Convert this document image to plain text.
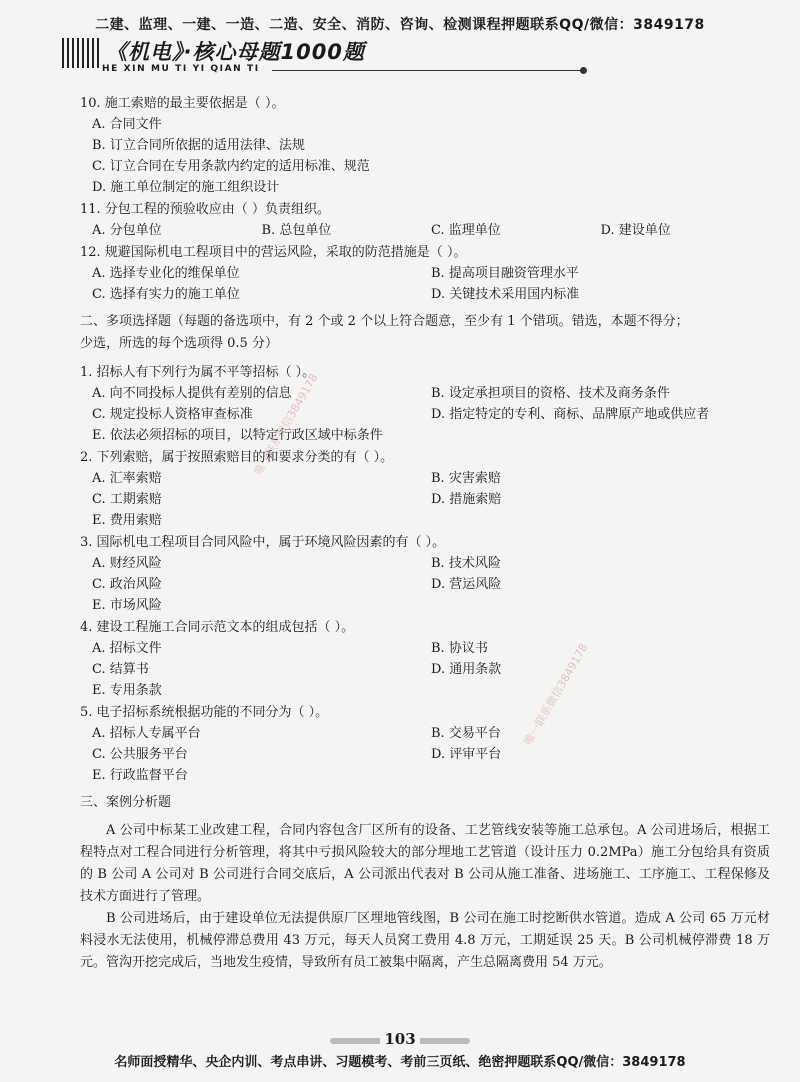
二建、监理、一建、一造、二造、安全、消防、咨询、检测课程押题联系QQ/微信：3849178
《机电》·核心母题1000题
HE XIN MU TI YI QIAN TI
10. 施工索赔的最主要依据是（ ）。
A. 合同文件
B. 订立合同所依据的适用法律、法规
C. 订立合同在专用条款内约定的适用标准、规范
D. 施工单位制定的施工组织设计
11. 分包工程的预验收应由（ ）负责组织。
A. 分包单位	B. 总包单位	C. 监理单位	D. 建设单位
12. 规避国际机电工程项目中的营运风险，采取的防范措施是（ ）。
A. 选择专业化的维保单位	B. 提高项目融资管理水平
C. 选择有实力的施工单位	D. 关键技术采用国内标准
二、多项选择题（每题的备选项中，有 2 个或 2 个以上符合题意，至少有 1 个错项。错选，本题不得分；
少选，所选的每个选项得 0.5 分）
1. 招标人有下列行为属不平等招标（ ）。
A. 向不同投标人提供有差别的信息	B. 设定承担项目的资格、技术及商务条件
C. 规定投标人资格审查标准	D. 指定特定的专利、商标、品牌原产地或供应者
E. 依法必须招标的项目，以特定行政区域中标条件
2. 下列索赔，属于按照索赔目的和要求分类的有（ ）。
A. 汇率索赔	B. 灾害索赔
C. 工期索赔	D. 措施索赔
E. 费用索赔
3. 国际机电工程项目合同风险中，属于环境风险因素的有（ ）。
A. 财经风险	B. 技术风险
C. 政治风险	D. 营运风险
E. 市场风险
4. 建设工程施工合同示范文本的组成包括（ ）。
A. 招标文件	B. 协议书
C. 结算书	D. 通用条款
E. 专用条款
5. 电子招标系统根据功能的不同分为（ ）。
A. 招标人专属平台	B. 交易平台
C. 公共服务平台	D. 评审平台
E. 行政监督平台
三、案例分析题
A 公司中标某工业改建工程，合同内容包含厂区所有的设备、工艺管线安装等施工总承包。A 公司进场后，根据工程特点对工程合同进行分析管理，将其中亏损风险较大的部分埋地工艺管道（设计压力 0.2MPa）施工分包给具有资质的 B 公司 A 公司对 B 公司进行合同交底后，A 公司派出代表对 B 公司从施工准备、进场施工、工序施工、工程保修及技术方面进行了管理。
B 公司进场后，由于建设单位无法提供原厂区埋地管线图，B 公司在施工时挖断供水管道。造成 A 公司 65 万元材料浸水无法使用，机械停滞总费用 43 万元，每天人员窝工费用 4.8 万元，工期延误 25 天。B 公司机械停滞费 18 万元。管沟开挖完成后，当地发生疫情，导致所有员工被集中隔离，产生总隔离费用 54 万元。
唯一联系微信3849178
唯一联系微信3849178
103
名师面授精华、央企内训、考点串讲、习题模考、考前三页纸、绝密押题联系QQ/微信：3849178
